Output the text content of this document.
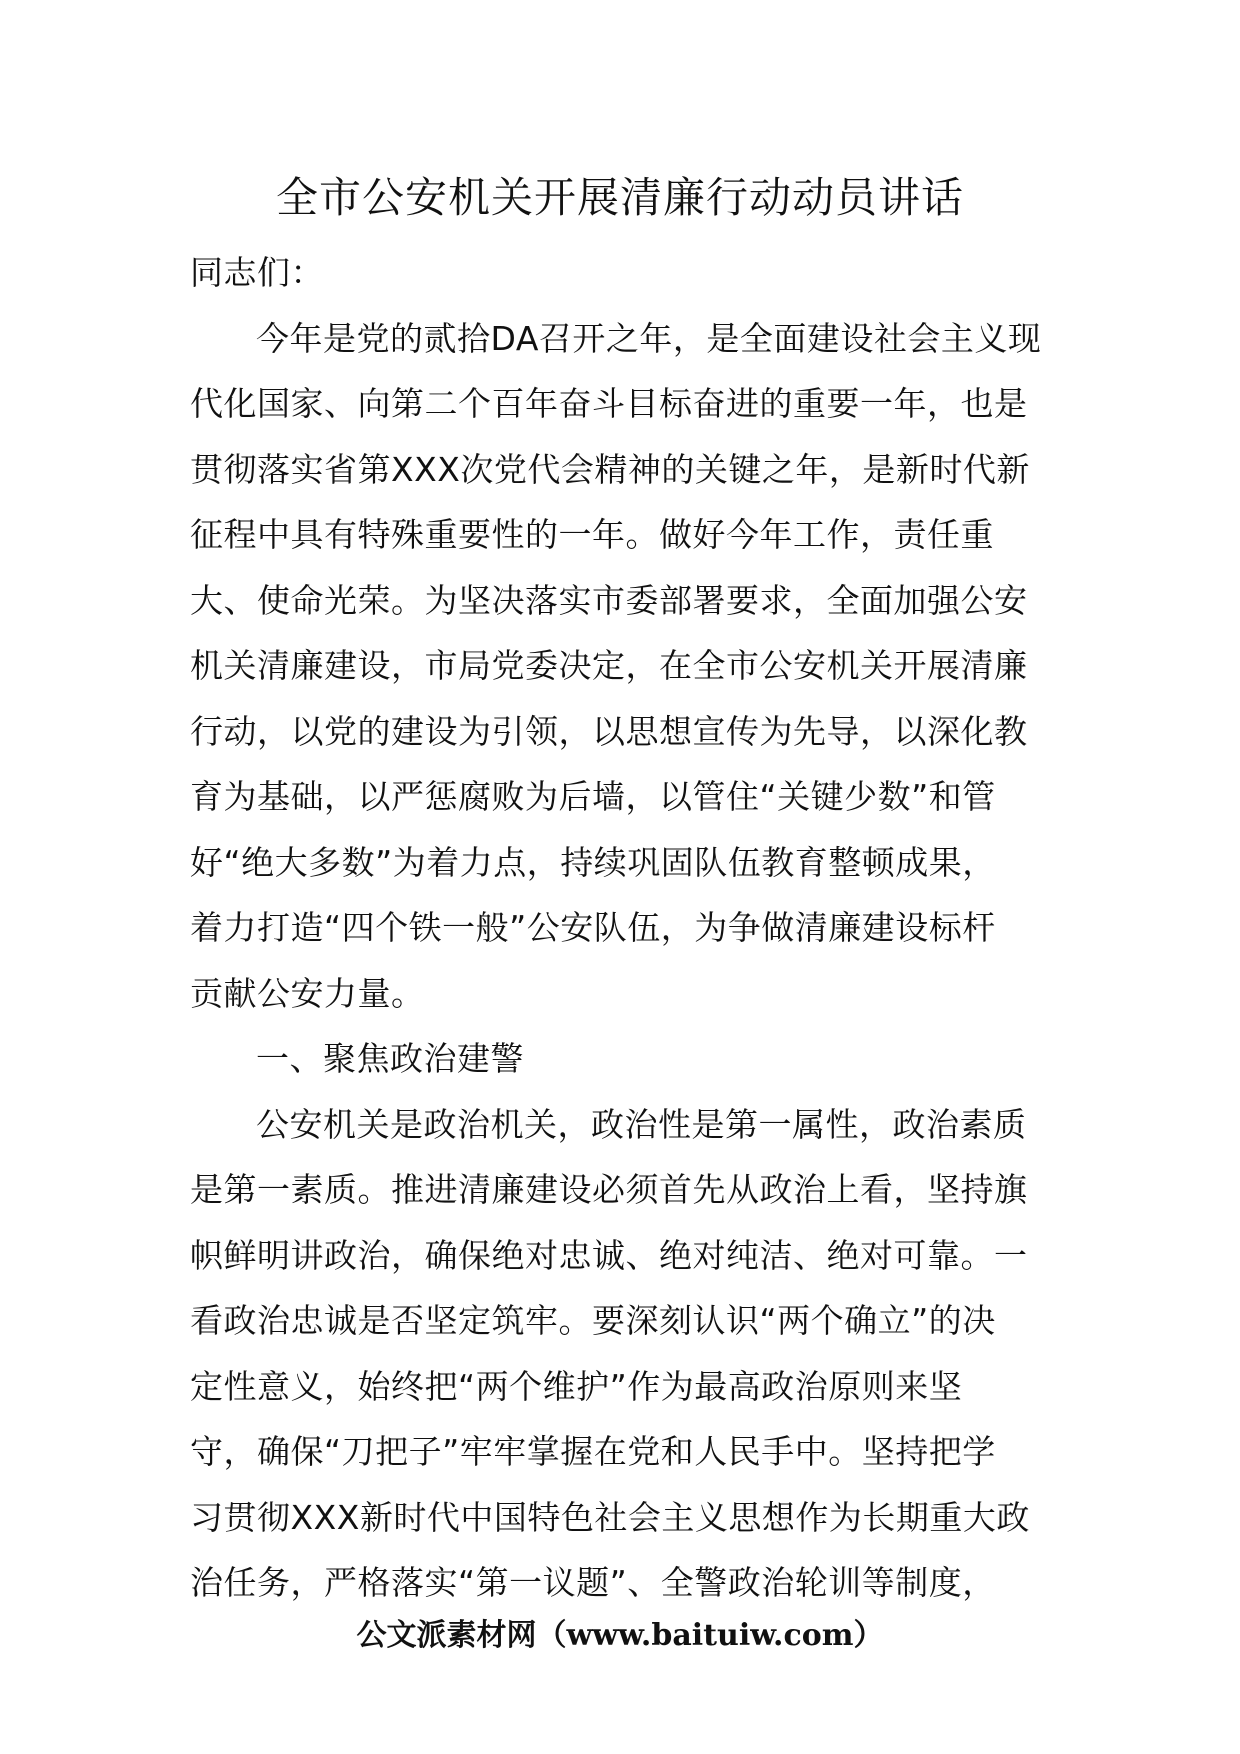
全市公安机关开展清廉行动动员讲话
同志们：
今年是党的贰拾DA召开之年，是全面建设社会主义现
代化国家、向第二个百年奋斗目标奋进的重要一年，也是
贯彻落实省第XXX次党代会精神的关键之年，是新时代新
征程中具有特殊重要性的一年。做好今年工作，责任重
大、使命光荣。为坚决落实市委部署要求，全面加强公安
机关清廉建设，市局党委决定，在全市公安机关开展清廉
行动，以党的建设为引领，以思想宣传为先导，以深化教
育为基础，以严惩腐败为后墙，以管住“关键少数”和管
好“绝大多数”为着力点，持续巩固队伍教育整顿成果，
着力打造“四个铁一般”公安队伍，为争做清廉建设标杆
贡献公安力量。
一、聚焦政治建警
公安机关是政治机关，政治性是第一属性，政治素质
是第一素质。推进清廉建设必须首先从政治上看，坚持旗
帜鲜明讲政治，确保绝对忠诚、绝对纯洁、绝对可靠。一
看政治忠诚是否坚定筑牢。要深刻认识“两个确立”的决
定性意义，始终把“两个维护”作为最高政治原则来坚
守，确保“刀把子”牢牢掌握在党和人民手中。坚持把学
习贯彻XXX新时代中国特色社会主义思想作为长期重大政
治任务，严格落实“第一议题”、全警政治轮训等制度，
公文派素材网（www.baituiw.com）
